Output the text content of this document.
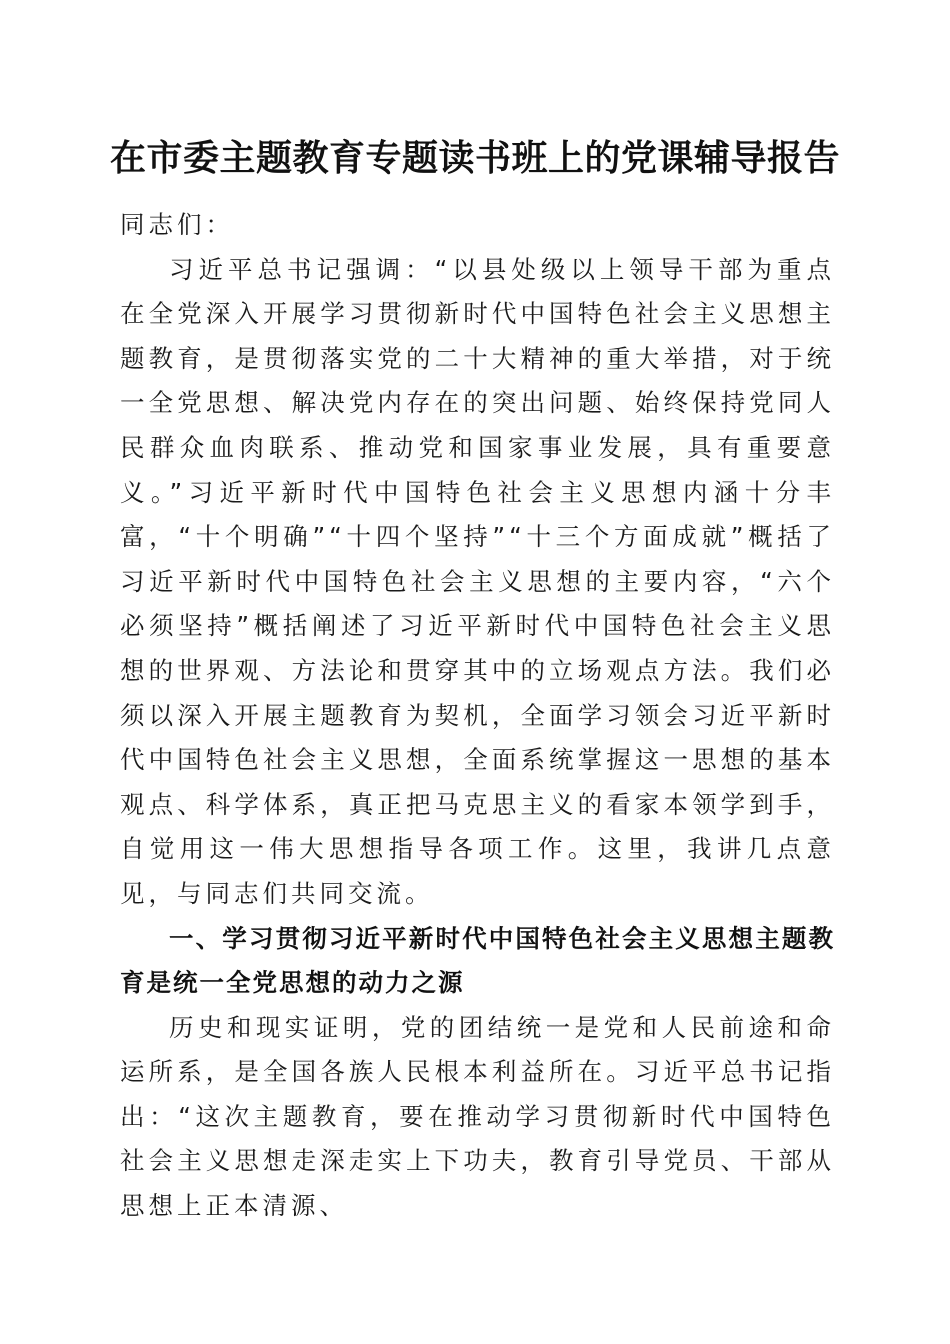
在市委主题教育专题读书班上的党课辅导报告

同志们：

习近平总书记强调：“以县处级以上领导干部为重点在全党深入开展学习贯彻新时代中国特色社会主义思想主题教育，是贯彻落实党的二十大精神的重大举措，对于统一全党思想、解决党内存在的突出问题、始终保持党同人民群众血肉联系、推动党和国家事业发展，具有重要意义。”习近平新时代中国特色社会主义思想内涵十分丰富，“十个明确”“十四个坚持”“十三个方面成就”概括了习近平新时代中国特色社会主义思想的主要内容，“六个必须坚持”概括阐述了习近平新时代中国特色社会主义思想的世界观、方法论和贯穿其中的立场观点方法。我们必须以深入开展主题教育为契机，全面学习领会习近平新时代中国特色社会主义思想，全面系统掌握这一思想的基本观点、科学体系，真正把马克思主义的看家本领学到手，自觉用这一伟大思想指导各项工作。这里，我讲几点意见，与同志们共同交流。

一、学习贯彻习近平新时代中国特色社会主义思想主题教育是统一全党思想的动力之源

历史和现实证明，党的团结统一是党和人民前途和命运所系，是全国各族人民根本利益所在。习近平总书记指出：“这次主题教育，要在推动学习贯彻新时代中国特色社会主义思想走深走实上下功夫，教育引导党员、干部从思想上正本清源、
